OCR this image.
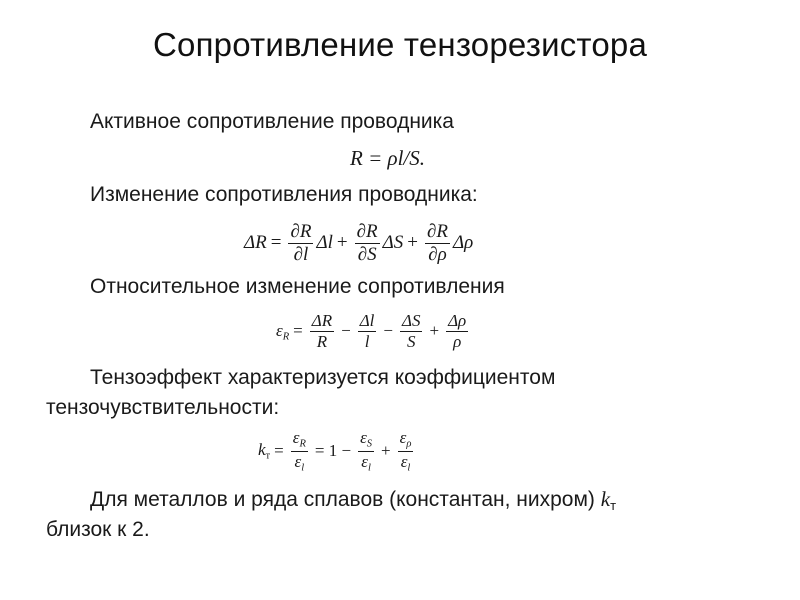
Сопротивление тензорезистора
Активное сопротивление проводника
R = ρl/S.
Изменение сопротивления проводника:
$\Delta R = \frac{\partial R}{\partial l}$ $\Delta l + \frac{\partial R}{\partial S}$ $\Delta S + \frac{\partial R}{\partial\rho}$ Δρ
Относительное изменение сопротивления
$\varepsilon_R = \frac{\Delta R}{R} - \frac{\Delta l}{l} - \frac{\Delta S}{S} + \frac{\Delta\rho}{\rho}$
Тензоэффект характеризуется коэффициентом
тензочувствительности:
$k_т = \frac{\varepsilon_R}{\varepsilon_l} = 1 - \frac{\varepsilon_S}{\varepsilon_l} + \frac{\varepsilon_\rho}{\varepsilon_l}$
Для металлов и ряда сплавов (константан, нихром) kт
близок к 2.
